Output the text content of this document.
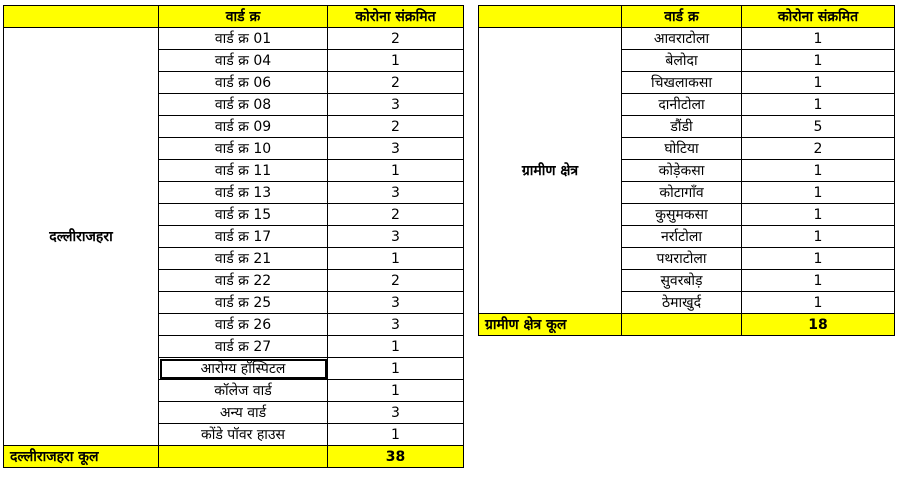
	वार्ड क्र	कोरोना संक्रमित
दल्लीराजहरा	वार्ड क्र 01	2
	वार्ड क्र 04	1
	वार्ड क्र 06	2
	वार्ड क्र 08	3
	वार्ड क्र 09	2
	वार्ड क्र 10	3
	वार्ड क्र 11	1
	वार्ड क्र 13	3
	वार्ड क्र 15	2
	वार्ड क्र 17	3
	वार्ड क्र 21	1
	वार्ड क्र 22	2
	वार्ड क्र 25	3
	वार्ड क्र 26	3
	वार्ड क्र 27	1
	आरोग्य हॉस्पिटल	1
	कॉलेज वार्ड	1
	अन्य वार्ड	3
	कोंडे पॉवर हाउस	1
दल्लीराजहरा कूल		38
	वार्ड क्र	कोरोना संक्रमित
ग्रामीण क्षेत्र	आवराटोला	1
	बेलोदा	1
	चिखलाकसा	1
	दानीटोला	1
	डौंडी	5
	घोटिया	2
	कोड़ेकसा	1
	कोटागाँव	1
	कुसुमकसा	1
	नर्राटोला	1
	पथराटोला	1
	सुवरबोड़	1
	ठेमाखुर्द	1
ग्रामीण क्षेत्र कूल		18
